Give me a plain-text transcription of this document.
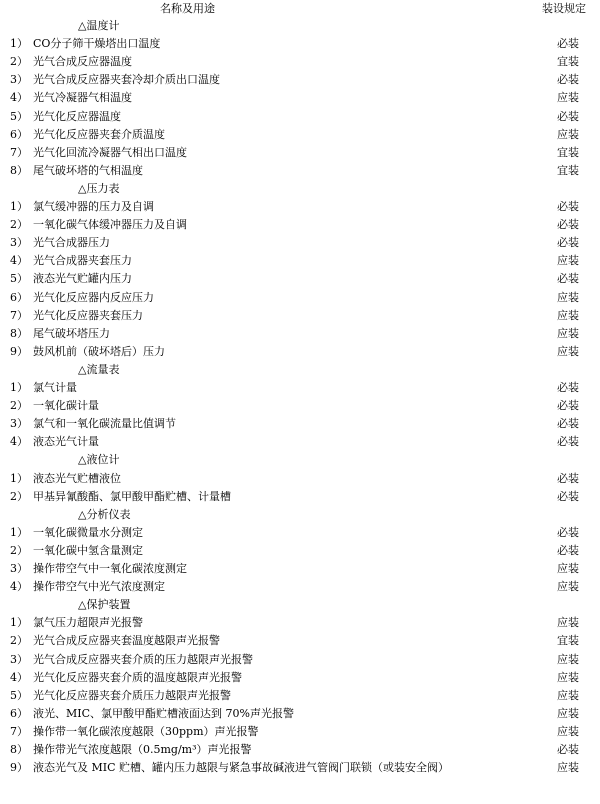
名称及用途	装设规定
△温度计
1） CO分子筛干燥塔出口温度	必装
2） 光气合成反应器温度	宜装
3） 光气合成反应器夹套冷却介质出口温度	必装
4） 光气冷凝器气相温度	应装
5） 光气化反应器温度	必装
6） 光气化反应器夹套介质温度	应装
7） 光气化回流冷凝器气相出口温度	宜装
8） 尾气破坏塔的气相温度	宜装
△压力表
1） 氯气缓冲器的压力及自调	必装
2） 一氧化碳气体缓冲器压力及自调	必装
3） 光气合成器压力	必装
4） 光气合成器夹套压力	应装
5） 液态光气贮罐内压力	必装
6） 光气化反应器内反应压力	应装
7） 光气化反应器夹套压力	应装
8） 尾气破坏塔压力	应装
9） 鼓风机前（破坏塔后）压力	应装
△流量表
1） 氯气计量	必装
2） 一氧化碳计量	必装
3） 氯气和一氧化碳流量比值调节	必装
4） 液态光气计量	必装
△液位计
1） 液态光气贮槽液位	必装
2） 甲基异氰酸酯、氯甲酸甲酯贮槽、计量槽	必装
△分析仪表
1） 一氧化碳微量水分测定	必装
2） 一氧化碳中氢含量测定	必装
3） 操作带空气中一氧化碳浓度测定	应装
4） 操作带空气中光气浓度测定	应装
△保护装置
1） 氯气压力超限声光报警	应装
2） 光气合成反应器夹套温度越限声光报警	宜装
3） 光气合成反应器夹套介质的压力越限声光报警	应装
4） 光气化反应器夹套介质的温度越限声光报警	应装
5） 光气化反应器夹套介质压力越限声光报警	应装
6） 液光、MIC、氯甲酸甲酯贮槽液面达到 70%声光报警	应装
7） 操作带一氧化碳浓度越限（30ppm）声光报警	应装
8） 操作带光气浓度越限（0.5mg/m³）声光报警	必装
9） 液态光气及 MIC 贮槽、罐内压力越限与紧急事故碱液进气管阀门联锁（或装安全阀）	应装
